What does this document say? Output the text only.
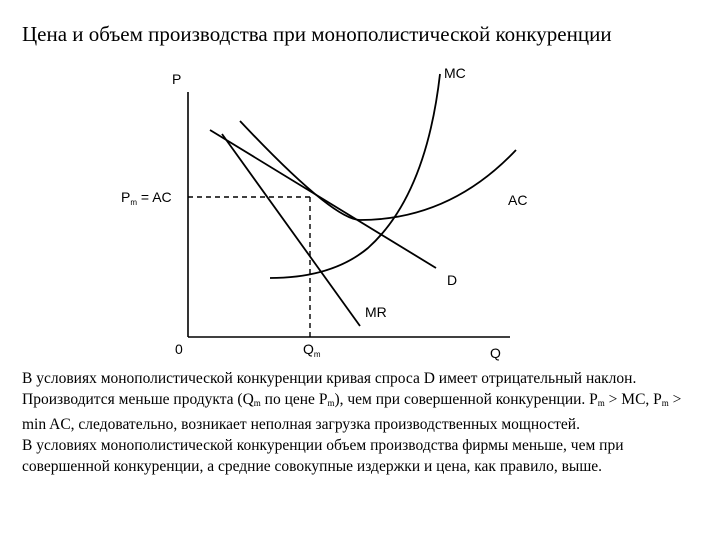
Цена и объем производства при монополистической конкуренции
P
Q
0
$P_m$ = AC
$Q_m$
MC
AC
D
MR

В условиях монополистической конкуренции кривая спроса D имеет отрицательный наклон. Производится меньше продукта ($Q_m$ по цене $P_m$), чем при совершенной конкуренции. $P_m$ > MC, $P_m > \min$ AC, следовательно, возникает неполная загрузка производственных мощностей.

В условиях монополистической конкуренции объем производства фирмы меньше, чем при совершенной конкуренции, а средние совокупные издержки и цена, как правило, выше.
